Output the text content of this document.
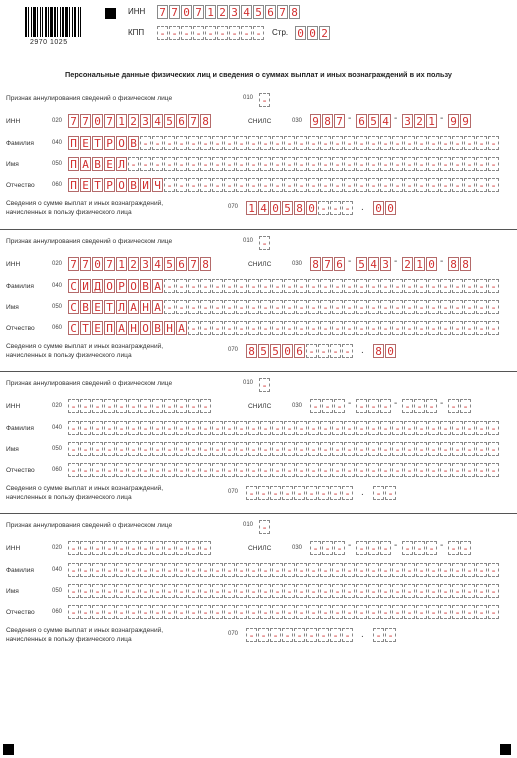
2970 1025
ИНН 7 7 0 7 1 2 3 4 5 6 7 8
КПП - - - - - - - - - Стр. 0 0 2
Персональные данные физических лиц и сведения о суммах выплат и иных вознаграждений в их пользу
Признак аннулирования сведений о физическом лице	010 -
ИНН	020 7 7 0 7 1 2 3 4 5 6 7 8	СНИЛС	030 9 8 7 - 6 5 4 - 3 2 1 - 9 9
Фамилия	040 П Е Т Р О В - - - - - - - - - - - - - - - - - - - - - - - - - - - - - -
Имя	050 П А В Е Л - - - - - - - - - - - - - - - - - - - - - - - - - - - - - - -
Отчество	060 П Е Т Р О В И Ч - - - - - - - - - - - - - - - - - - - - - - - - - - - -
Сведения о сумме выплат и иных вознаграждений,
начисленных в пользу физического лица
070 1 4 0 5 8 0 - - - . 0 0
Признак аннулирования сведений о физическом лице	010 -
ИНН	020 7 7 0 7 1 2 3 4 5 6 7 8	СНИЛС	030 8 7 6 - 5 4 3 - 2 1 0 - 8 8
Фамилия	040 С И Д О Р О В А - - - - - - - - - - - - - - - - - - - - - - - - - - - -
Имя	050 С В Е Т Л А Н А - - - - - - - - - - - - - - - - - - - - - - - - - - - -
Отчество	060 С Т Е П А Н О В Н А - - - - - - - - - - - - - - - - - - - - - - - - - -
Сведения о сумме выплат и иных вознаграждений,
начисленных в пользу физического лица
070 8 5 5 0 6 - - - - . 8 0
Признак аннулирования сведений о физическом лице	010 -
ИНН	020 - - - - - - - - - - - -	СНИЛС	030 - - - - - - - - - - - - - -
Фамилия	040 - - - - - - - - - - - - - - - - - - - - - - - - - - - - - - - - - - - -
Имя	050 - - - - - - - - - - - - - - - - - - - - - - - - - - - - - - - - - - - -
Отчество	060 - - - - - - - - - - - - - - - - - - - - - - - - - - - - - - - - - - - -
Сведения о сумме выплат и иных вознаграждений,
начисленных в пользу физического лица
070 - - - - - - - - - . - -
Признак аннулирования сведений о физическом лице	010 -
ИНН	020 - - - - - - - - - - - -	СНИЛС	030 - - - - - - - - - - - - - -
Фамилия	040 - - - - - - - - - - - - - - - - - - - - - - - - - - - - - - - - - - - -
Имя	050 - - - - - - - - - - - - - - - - - - - - - - - - - - - - - - - - - - - -
Отчество	060 - - - - - - - - - - - - - - - - - - - - - - - - - - - - - - - - - - - -
Сведения о сумме выплат и иных вознаграждений,
начисленных в пользу физического лица
070 - - - - - - - - - . - -
